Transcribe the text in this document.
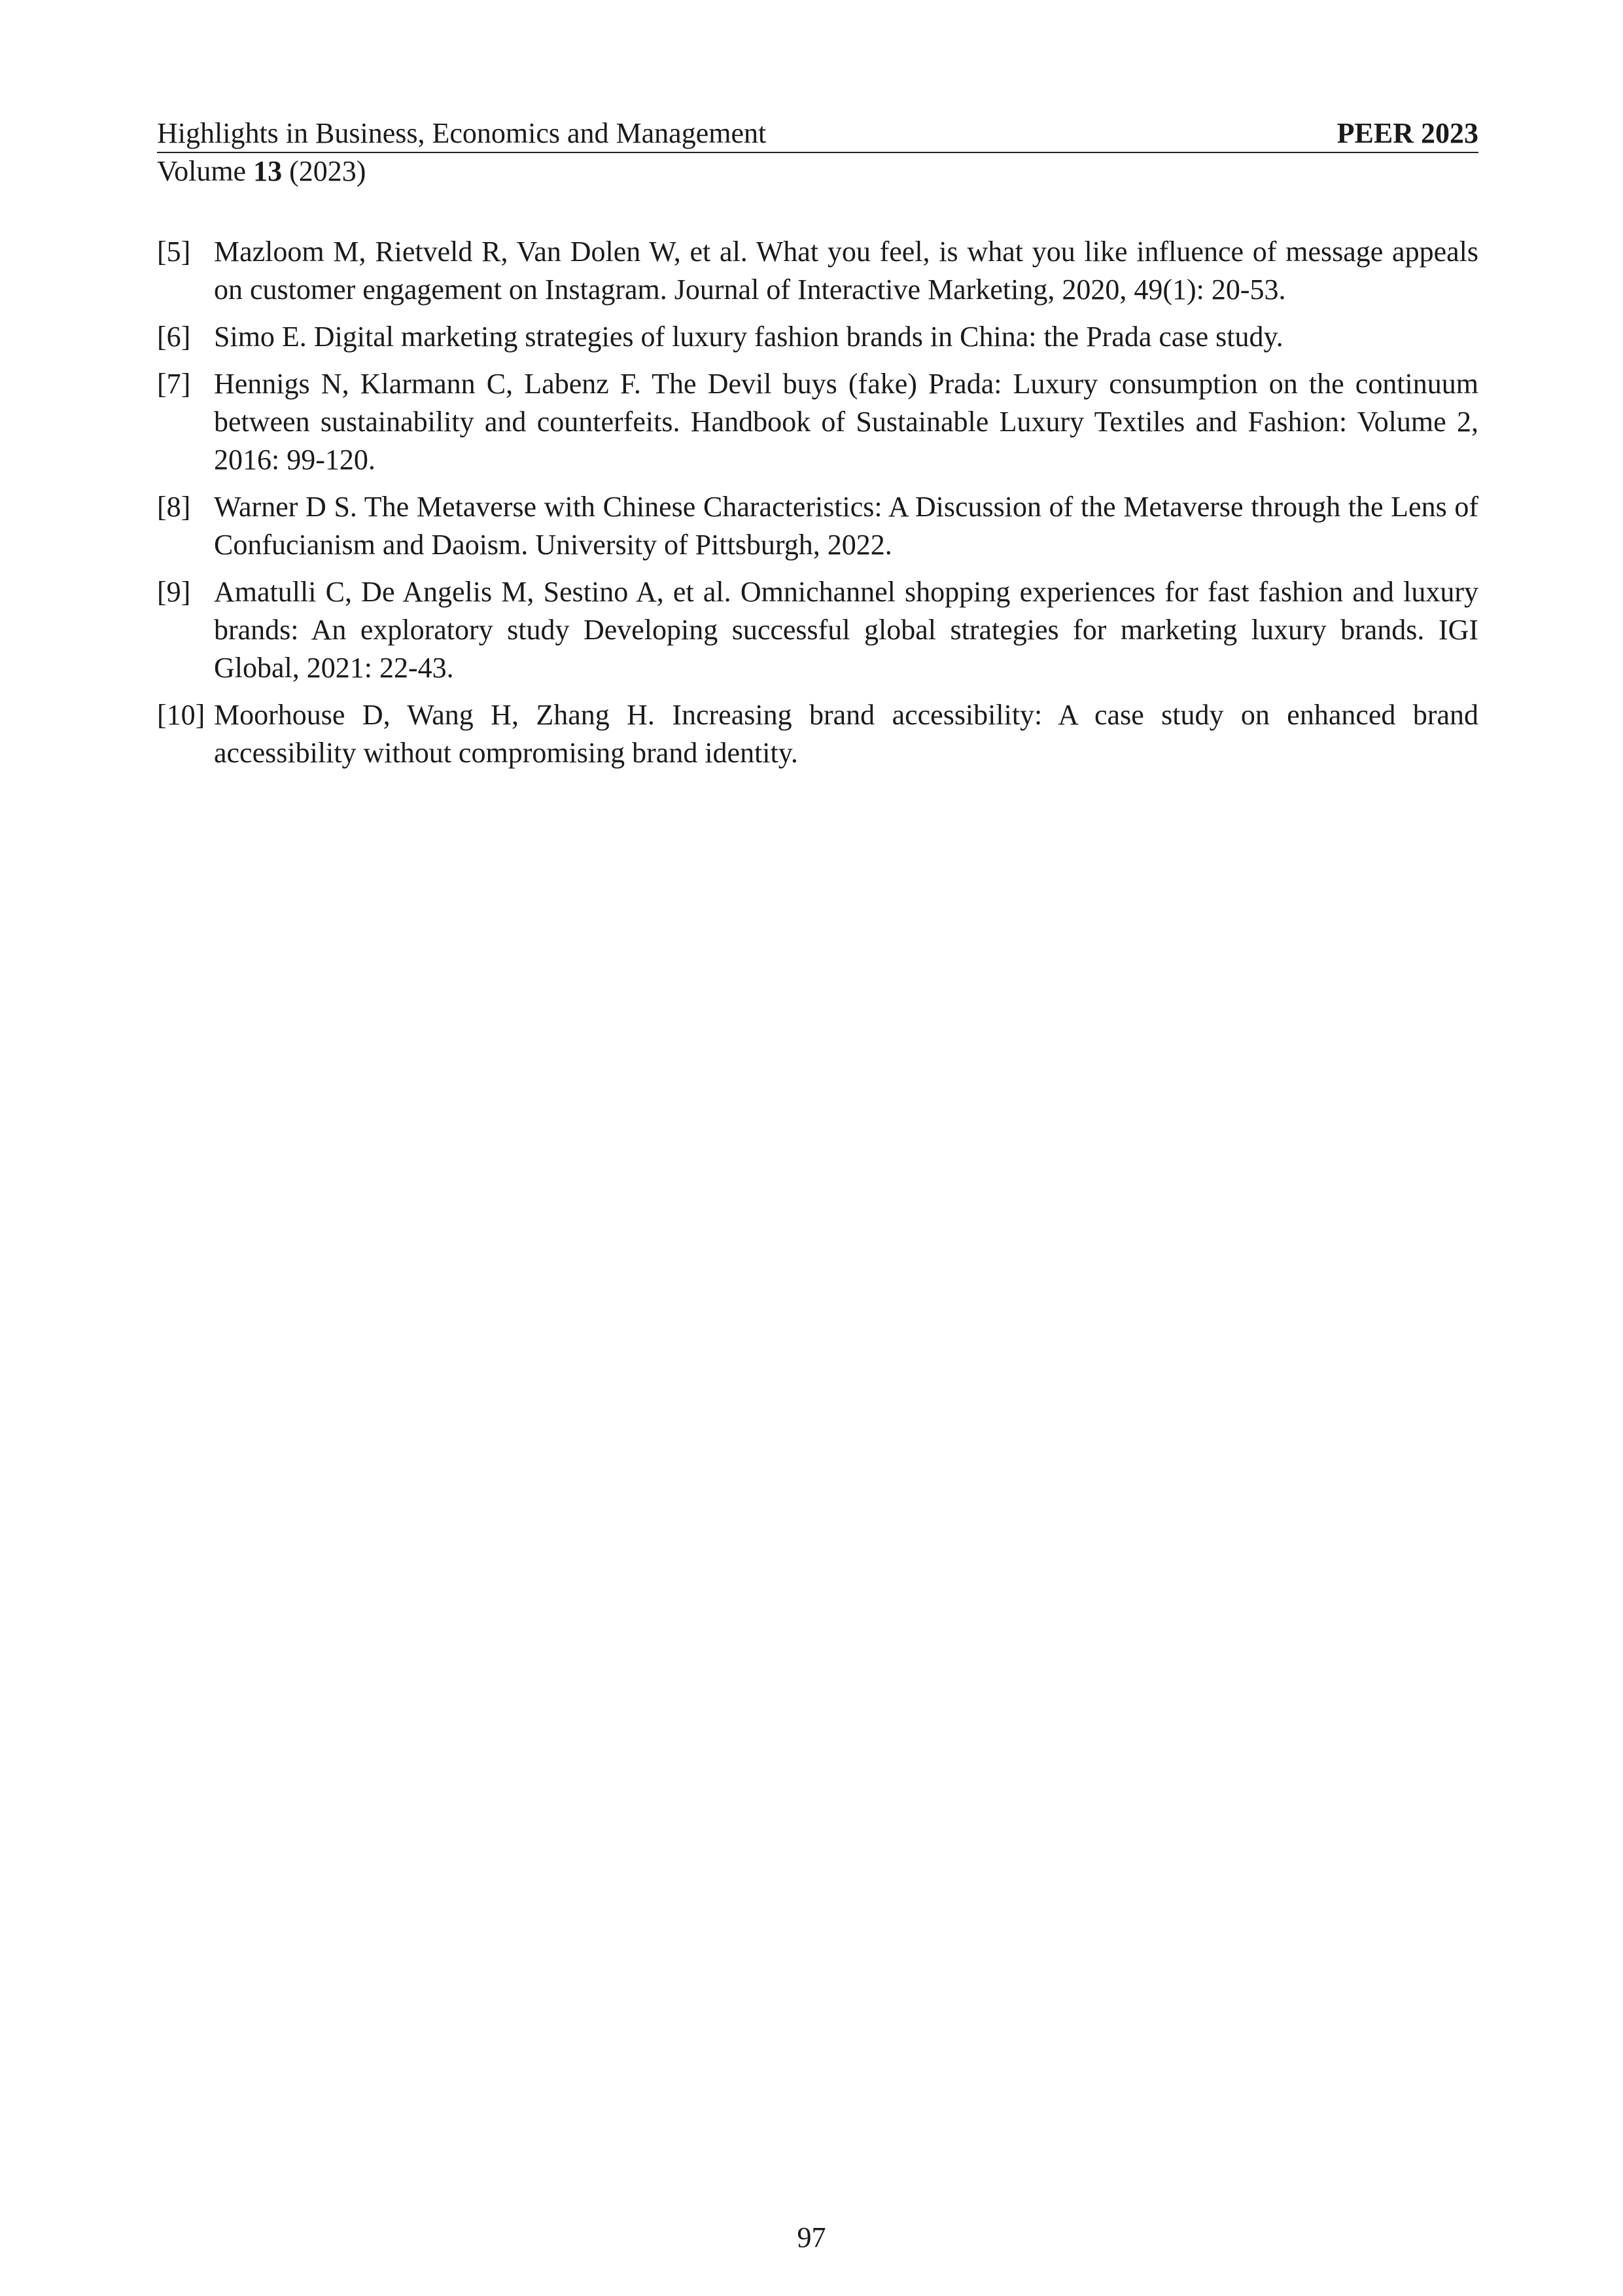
Highlights in Business, Economics and Management	PEER 2023
Volume 13 (2023)
[5] Mazloom M, Rietveld R, Van Dolen W, et al. What you feel, is what you like influence of message appeals on customer engagement on Instagram. Journal of Interactive Marketing, 2020, 49(1): 20-53.
[6] Simo E. Digital marketing strategies of luxury fashion brands in China: the Prada case study.
[7] Hennigs N, Klarmann C, Labenz F. The Devil buys (fake) Prada: Luxury consumption on the continuum between sustainability and counterfeits. Handbook of Sustainable Luxury Textiles and Fashion: Volume 2, 2016: 99-120.
[8] Warner D S. The Metaverse with Chinese Characteristics: A Discussion of the Metaverse through the Lens of Confucianism and Daoism. University of Pittsburgh, 2022.
[9] Amatulli C, De Angelis M, Sestino A, et al. Omnichannel shopping experiences for fast fashion and luxury brands: An exploratory study Developing successful global strategies for marketing luxury brands. IGI Global, 2021: 22-43.
[10] Moorhouse D, Wang H, Zhang H. Increasing brand accessibility: A case study on enhanced brand accessibility without compromising brand identity.
97
